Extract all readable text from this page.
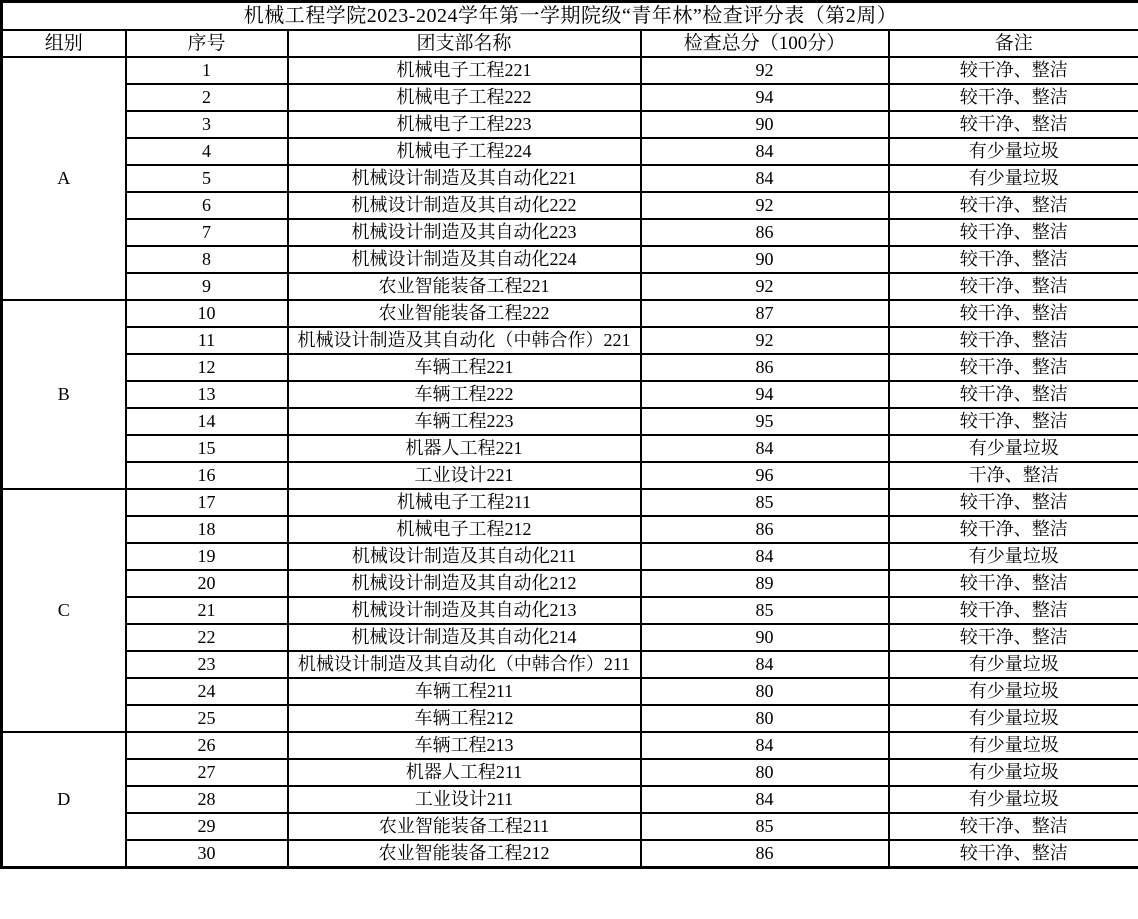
机械工程学院2023-2024学年第一学期院级“青年林”检查评分表（第2周）				
组别	序号	团支部名称	检查总分（100分）	备注
A	1	机械电子工程221	92	较干净、整洁
	2	机械电子工程222	94	较干净、整洁
	3	机械电子工程223	90	较干净、整洁
	4	机械电子工程224	84	有少量垃圾
	5	机械设计制造及其自动化221	84	有少量垃圾
	6	机械设计制造及其自动化222	92	较干净、整洁
	7	机械设计制造及其自动化223	86	较干净、整洁
	8	机械设计制造及其自动化224	90	较干净、整洁
	9	农业智能装备工程221	92	较干净、整洁
B	10	农业智能装备工程222	87	较干净、整洁
	11	机械设计制造及其自动化（中韩合作）221	92	较干净、整洁
	12	车辆工程221	86	较干净、整洁
	13	车辆工程222	94	较干净、整洁
	14	车辆工程223	95	较干净、整洁
	15	机器人工程221	84	有少量垃圾
	16	工业设计221	96	干净、整洁
C	17	机械电子工程211	85	较干净、整洁
	18	机械电子工程212	86	较干净、整洁
	19	机械设计制造及其自动化211	84	有少量垃圾
	20	机械设计制造及其自动化212	89	较干净、整洁
	21	机械设计制造及其自动化213	85	较干净、整洁
	22	机械设计制造及其自动化214	90	较干净、整洁
	23	机械设计制造及其自动化（中韩合作）211	84	有少量垃圾
	24	车辆工程211	80	有少量垃圾
	25	车辆工程212	80	有少量垃圾
D	26	车辆工程213	84	有少量垃圾
	27	机器人工程211	80	有少量垃圾
	28	工业设计211	84	有少量垃圾
	29	农业智能装备工程211	85	较干净、整洁
	30	农业智能装备工程212	86	较干净、整洁
